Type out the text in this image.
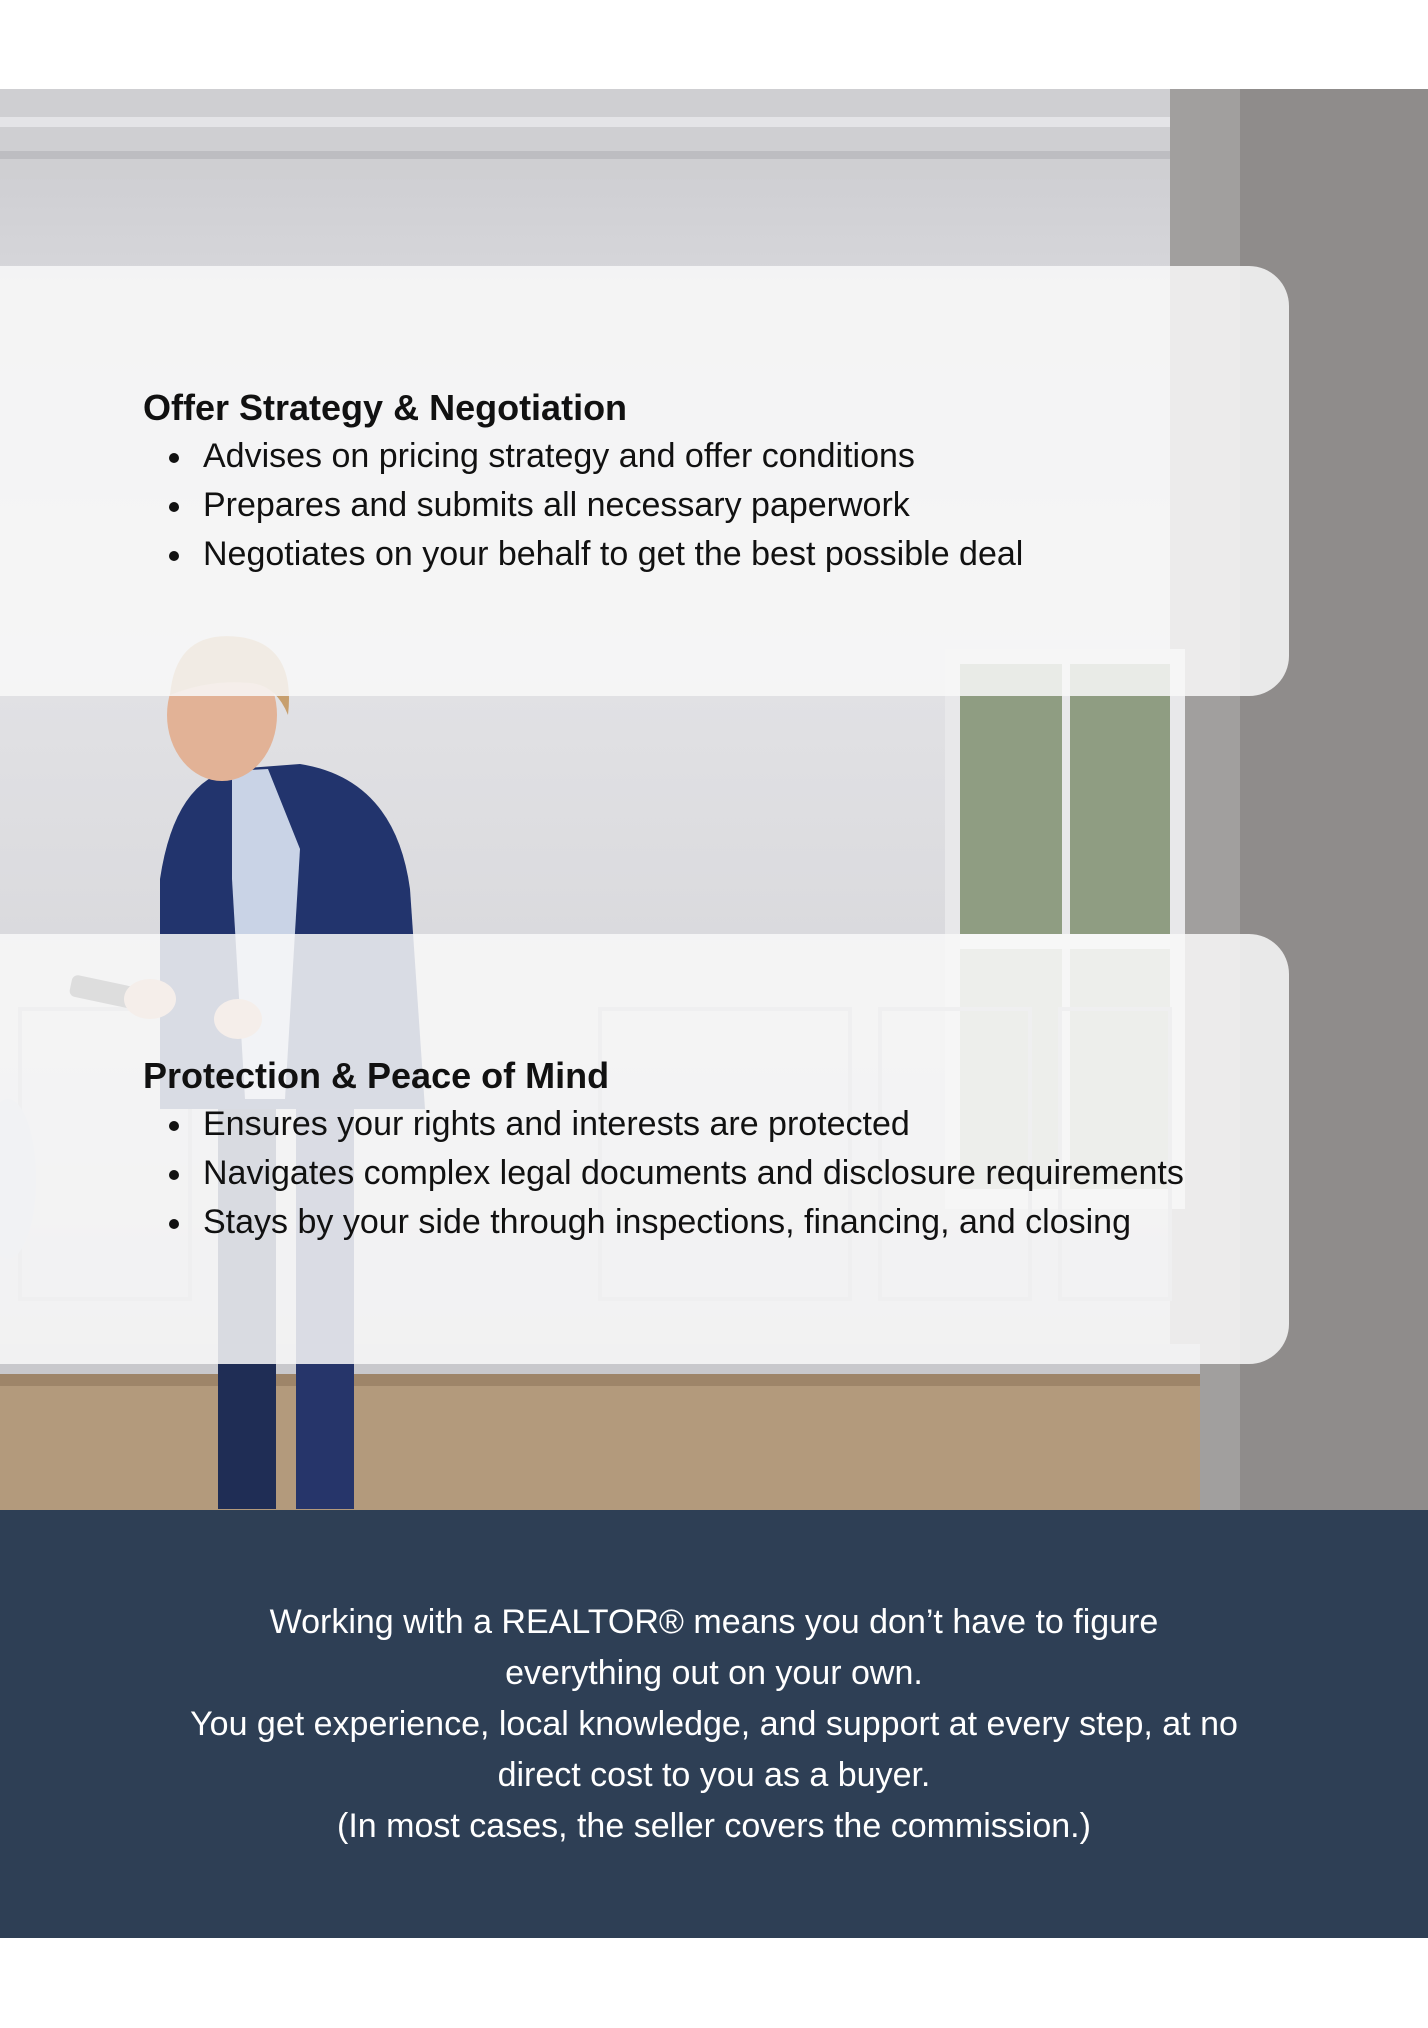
Offer Strategy & Negotiation
Advises on pricing strategy and offer conditions
Prepares and submits all necessary paperwork
Negotiates on your behalf to get the best possible deal
Protection & Peace of Mind
Ensures your rights and interests are protected
Navigates complex legal documents and disclosure requirements
Stays by your side through inspections, financing, and closing

Working with a REALTOR® means you don’t have to figure

everything out on your own.

You get experience, local knowledge, and support at every step, at no

direct cost to you as a buyer.

(In most cases, the seller covers the commission.)
